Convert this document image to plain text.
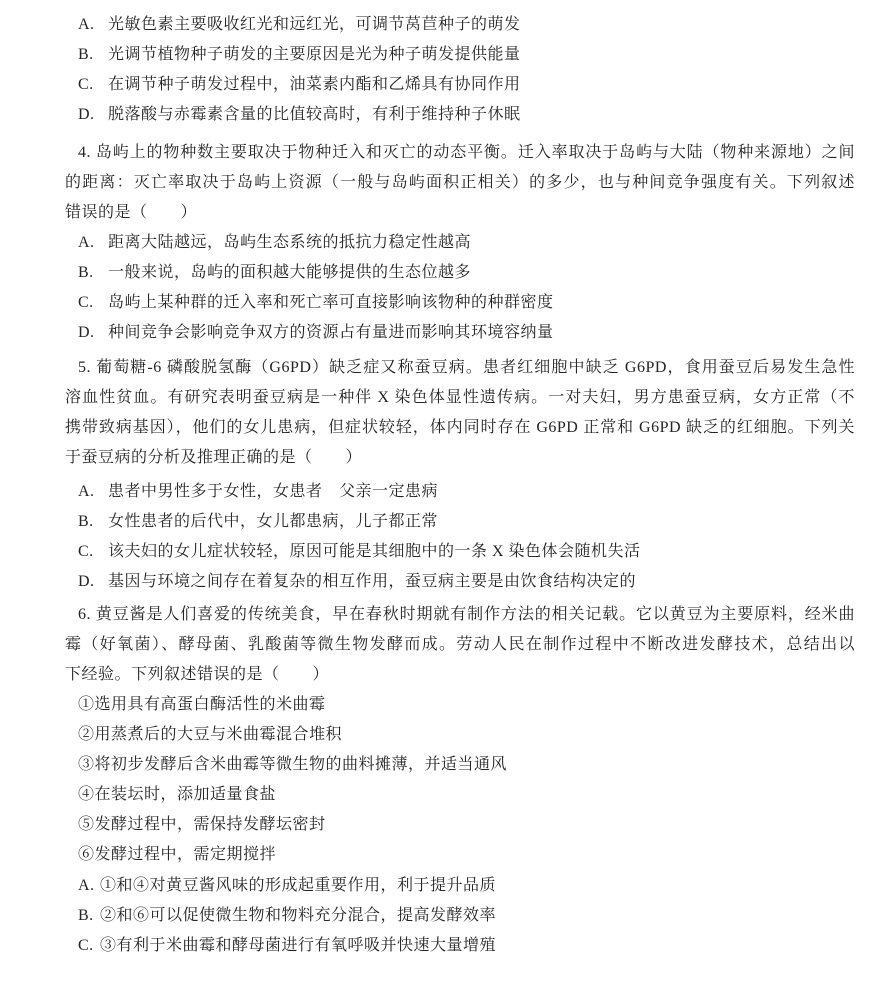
A. 光敏色素主要吸收红光和远红光，可调节莴苣种子的萌发
B. 光调节植物种子萌发的主要原因是光为种子萌发提供能量
C. 在调节种子萌发过程中，油菜素内酯和乙烯具有协同作用
D. 脱落酸与赤霉素含量的比值较高时，有利于维持种子休眠
4. 岛屿上的物种数主要取决于物种迁入和灭亡的动态平衡。迁入率取决于岛屿与大陆（物种来源地）之间
的距离：灭亡率取决于岛屿上资源（一般与岛屿面积正相关）的多少，也与种间竞争强度有关。下列叙述
错误的是（　　）
A. 距离大陆越远，岛屿生态系统的抵抗力稳定性越高
B. 一般来说，岛屿的面积越大能够提供的生态位越多
C. 岛屿上某种群的迁入率和死亡率可直接影响该物种的种群密度
D. 种间竞争会影响竞争双方的资源占有量进而影响其环境容纳量
5. 葡萄糖-6 磷酸脱氢酶（G6PD）缺乏症又称蚕豆病。患者红细胞中缺乏 G6PD，食用蚕豆后易发生急性
溶血性贫血。有研究表明蚕豆病是一种伴 X 染色体显性遗传病。一对夫妇，男方患蚕豆病，女方正常（不
携带致病基因），他们的女儿患病，但症状较轻，体内同时存在 G6PD 正常和 G6PD 缺乏的红细胞。下列关
于蚕豆病的分析及推理正确的是（　　）
A. 患者中男性多于女性，女患者　父亲一定患病
B. 女性患者的后代中，女儿都患病，儿子都正常
C. 该夫妇的女儿症状较轻，原因可能是其细胞中的一条 X 染色体会随机失活
D. 基因与环境之间存在着复杂的相互作用，蚕豆病主要是由饮食结构决定的
6. 黄豆酱是人们喜爱的传统美食，早在春秋时期就有制作方法的相关记载。它以黄豆为主要原料，经米曲
霉（好氧菌）、酵母菌、乳酸菌等微生物发酵而成。劳动人民在制作过程中不断改进发酵技术，总结出以
下经验。下列叙述错误的是（　　）
①选用具有高蛋白酶活性的米曲霉
②用蒸煮后的大豆与米曲霉混合堆积
③将初步发酵后含米曲霉等微生物的曲料摊薄，并适当通风
④在装坛时，添加适量食盐
⑤发酵过程中，需保持发酵坛密封
⑥发酵过程中，需定期搅拌
A. ①和④对黄豆酱风味的形成起重要作用，利于提升品质
B. ②和⑥可以促使微生物和物料充分混合，提高发酵效率
C. ③有利于米曲霉和酵母菌进行有氧呼吸并快速大量增殖
